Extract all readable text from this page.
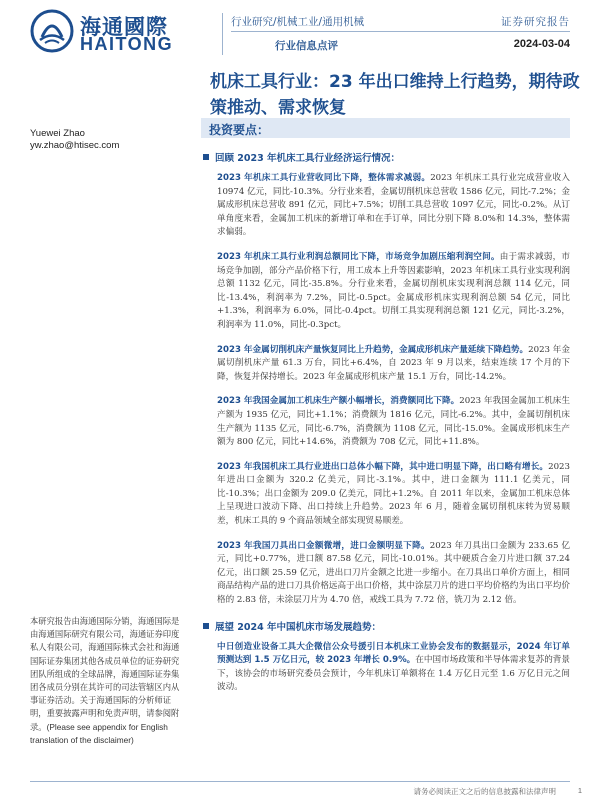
海通國際
HAITONG
行业研究/机械工业/通用机械
行业信息点评
证券研究报告
2024-03-04
机床工具行业：23 年出口维持上行趋势，期待政策推动、需求恢复
Yuewei Zhao
yw.zhao@htisec.com
投资要点：
回顾 2023 年机床工具行业经济运行情况：
2023 年机床工具行业营收同比下降，整体需求减弱。2023 年机床工具行业完成营业收入 10974 亿元，同比-10.3%。分行业来看，金属切削机床总营收 1586 亿元，同比-7.2%；金属成形机床总营收 891 亿元，同比+7.5%；切削工具总营收 1097 亿元，同比-0.2%。从订单角度来看，金属加工机床的新增订单和在手订单，同比分别下降 8.0%和 14.3%，整体需求偏弱。
2023 年机床工具行业利润总额同比下降，市场竞争加剧压缩利润空间。由于需求减弱，市场竞争加剧，部分产品价格下行，用工成本上升等因素影响，2023 年机床工具行业实现利润总额 1132 亿元，同比-35.8%。分行业来看，金属切削机床实现利润总额 114 亿元，同比-13.4%，利润率为 7.2%，同比-0.5pct。金属成形机床实现利润总额 54 亿元，同比+1.3%，利润率为 6.0%，同比-0.4pct。切削工具实现利润总额 121 亿元，同比-3.2%，利润率为 11.0%，同比-0.3pct。
2023 年金属切削机床产量恢复同比上升趋势，金属成形机床产量延续下降趋势。2023 年金属切削机床产量 61.3 万台，同比+6.4%，自 2023 年 9 月以来，结束连续 17 个月的下降，恢复并保持增长。2023 年金属成形机床产量 15.1 万台，同比-14.2%。
2023 年我国金属加工机床生产额小幅增长，消费额同比下降。2023 年我国金属加工机床生产额为 1935 亿元，同比+1.1%；消费额为 1816 亿元，同比-6.2%。其中，金属切削机床生产额为 1135 亿元，同比-6.7%，消费额为 1108 亿元，同比-15.0%。金属成形机床生产额为 800 亿元，同比+14.6%，消费额为 708 亿元，同比+11.8%。
2023 年我国机床工具行业进出口总体小幅下降，其中进口明显下降，出口略有增长。2023 年进出口金额为 320.2 亿美元，同比-3.1%。其中，进口金额为 111.1 亿美元，同比-10.3%；出口金额为 209.0 亿美元，同比+1.2%。自 2011 年以来，金属加工机床总体上呈现进口波动下降、出口持续上升趋势。2023 年 6 月，随着金属切削机床转为贸易顺差，机床工具的 9 个商品领域全部实现贸易顺差。
2023 年我国刀具出口金额微增，进口金额明显下降。2023 年刀具出口金额为 233.65 亿元，同比+0.77%，进口额 87.58 亿元，同比-10.01%。其中硬质合金刀片进口额 37.24 亿元，出口额 25.59 亿元，进出口刀片金额之比进一步缩小。在刀具出口单价方面上，相同商品结构产品的进口刀具价格远高于出口价格，其中涂层刀片的进口平均价格约为出口平均价格的 2.83 倍，未涂层刀片为 4.70 倍，戒线工具为 7.72 倍，铣刀为 2.12 倍。
展望 2024 年中国机床市场发展趋势：
中日创造业设备工具大企微信公众号援引日本机床工业协会发布的数据显示，2024 年订单预测达到 1.5 万亿日元，较 2023 年增长 0.9%。在中国市场政策和半导体需求复苏的背景下，该协会的市场研究委员会预计，今年机床订单额将在 1.4 万亿日元至 1.6 万亿日元之间波动。
本研究报告由海通国际分销，海通国际是由海通国际研究有限公司，海通证券印度私人有限公司，海通国际株式会社和海通国际证券集团其他各成员单位的证券研究团队所组成的全球品牌，海通国际证券集团各成员分别在其许可的司法管辖区内从事证券活动。关于海通国际的分析师证明，重要披露声明和免责声明，请参阅附录。(Please see appendix for English translation of the disclaimer)
请务必阅读正文之后的信息披露和法律声明	1
